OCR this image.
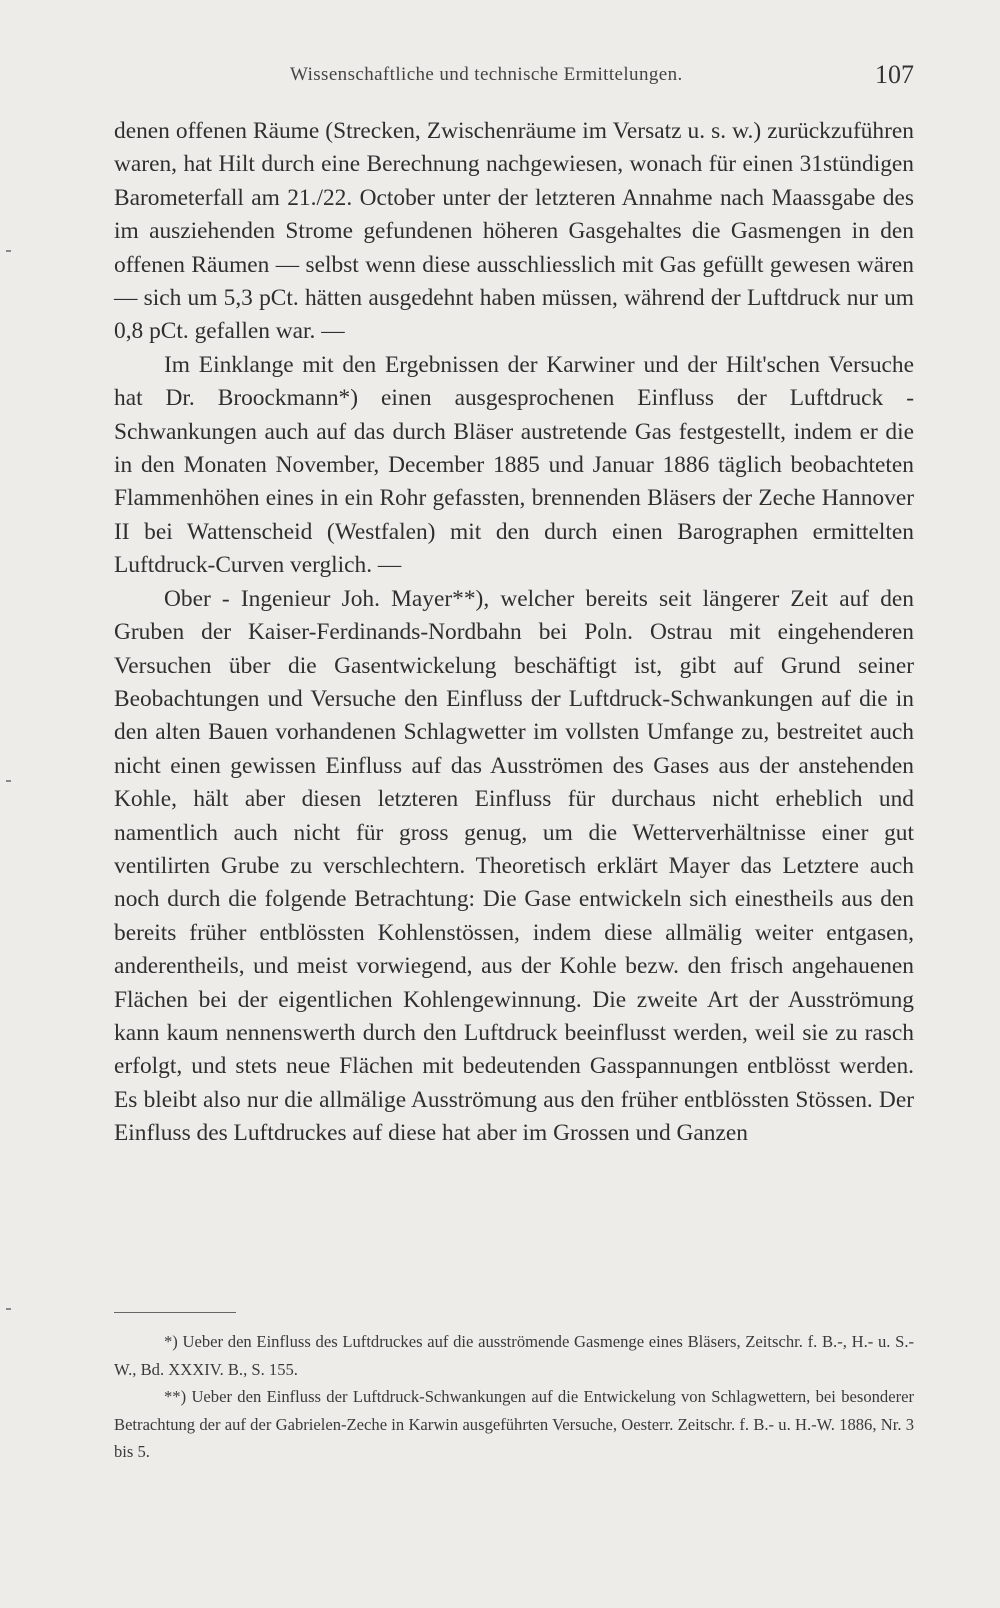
Wissenschaftliche und technische Ermittelungen.	107

denen offenen Räume (Strecken, Zwischenräume im Versatz u. s. w.) zurückzuführen waren, hat Hilt durch eine Berechnung nachgewiesen, wonach für einen 31stündigen Barometerfall am 21./22. October unter der letzteren Annahme nach Maassgabe des im ausziehenden Strome gefundenen höheren Gasgehaltes die Gasmengen in den offenen Räumen — selbst wenn diese ausschliesslich mit Gas gefüllt gewesen wären — sich um 5,3 pCt. hätten ausgedehnt haben müssen, während der Luftdruck nur um 0,8 pCt. gefallen war. —

Im Einklange mit den Ergebnissen der Karwiner und der Hilt'schen Versuche hat Dr. Broockmann*) einen ausgesprochenen Einfluss der Luftdruck - Schwankungen auch auf das durch Bläser austretende Gas festgestellt, indem er die in den Monaten November, December 1885 und Januar 1886 täglich beobachteten Flammenhöhen eines in ein Rohr gefassten, brennenden Bläsers der Zeche Hannover II bei Wattenscheid (Westfalen) mit den durch einen Barographen ermittelten Luftdruck-Curven verglich. —

Ober - Ingenieur Joh. Mayer**), welcher bereits seit längerer Zeit auf den Gruben der Kaiser-Ferdinands-Nordbahn bei Poln. Ostrau mit eingehenderen Versuchen über die Gasentwickelung beschäftigt ist, gibt auf Grund seiner Beobachtungen und Versuche den Einfluss der Luftdruck-Schwankungen auf die in den alten Bauen vorhandenen Schlagwetter im vollsten Umfange zu, bestreitet auch nicht einen gewissen Einfluss auf das Ausströmen des Gases aus der anstehenden Kohle, hält aber diesen letzteren Einfluss für durchaus nicht erheblich und namentlich auch nicht für gross genug, um die Wetterverhältnisse einer gut ventilirten Grube zu verschlechtern. Theoretisch erklärt Mayer das Letztere auch noch durch die folgende Betrachtung: Die Gase entwickeln sich einestheils aus den bereits früher entblössten Kohlenstössen, indem diese allmälig weiter entgasen, anderentheils, und meist vorwiegend, aus der Kohle bezw. den frisch angehauenen Flächen bei der eigentlichen Kohlengewinnung. Die zweite Art der Ausströmung kann kaum nennenswerth durch den Luftdruck beeinflusst werden, weil sie zu rasch erfolgt, und stets neue Flächen mit bedeutenden Gasspannungen entblösst werden. Es bleibt also nur die allmälige Ausströmung aus den früher entblössten Stössen. Der Einfluss des Luftdruckes auf diese hat aber im Grossen und Ganzen

*) Ueber den Einfluss des Luftdruckes auf die ausströmende Gasmenge eines Bläsers, Zeitschr. f. B.-, H.- u. S.-W., Bd. XXXIV. B., S. 155.

**) Ueber den Einfluss der Luftdruck-Schwankungen auf die Entwickelung von Schlagwettern, bei besonderer Betrachtung der auf der Gabrielen-Zeche in Karwin ausgeführten Versuche, Oesterr. Zeitschr. f. B.- u. H.-W. 1886, Nr. 3 bis 5.
